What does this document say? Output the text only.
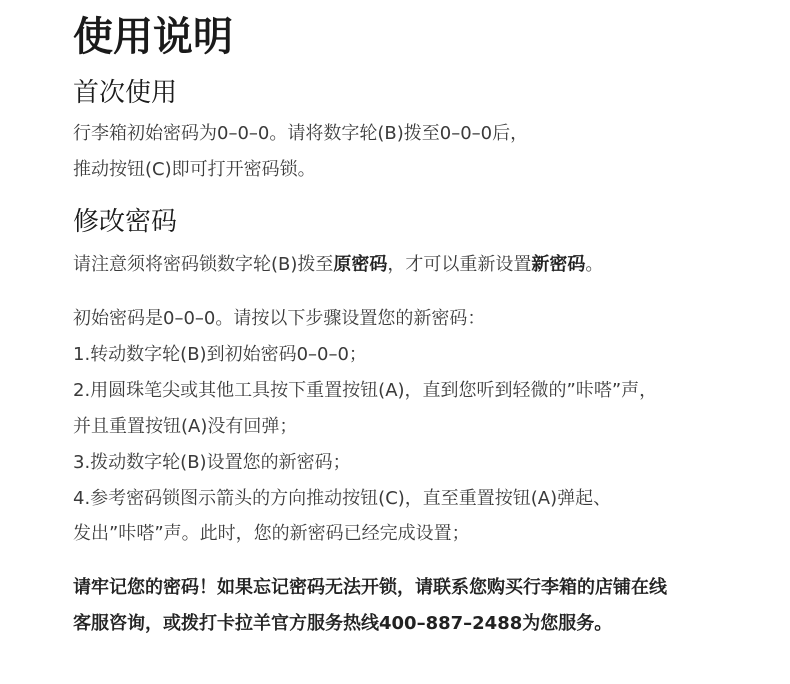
使用说明
首次使用
行李箱初始密码为0–0–0。请将数字轮(B)拨至0–0–0后，
推动按钮(C)即可打开密码锁。
修改密码
请注意须将密码锁数字轮(B)拨至原密码，才可以重新设置新密码。
初始密码是0–0–0。请按以下步骤设置您的新密码：
1.转动数字轮(B)到初始密码0–0–0；
2.用圆珠笔尖或其他工具按下重置按钮(A)，直到您听到轻微的”咔嗒”声，
并且重置按钮(A)没有回弹；
3.拨动数字轮(B)设置您的新密码；
4.参考密码锁图示箭头的方向推动按钮(C)，直至重置按钮(A)弹起、
发出”咔嗒”声。此时，您的新密码已经完成设置；
请牢记您的密码！如果忘记密码无法开锁，请联系您购买行李箱的店铺在线
客服咨询，或拨打卡拉羊官方服务热线400–887–2488为您服务。
